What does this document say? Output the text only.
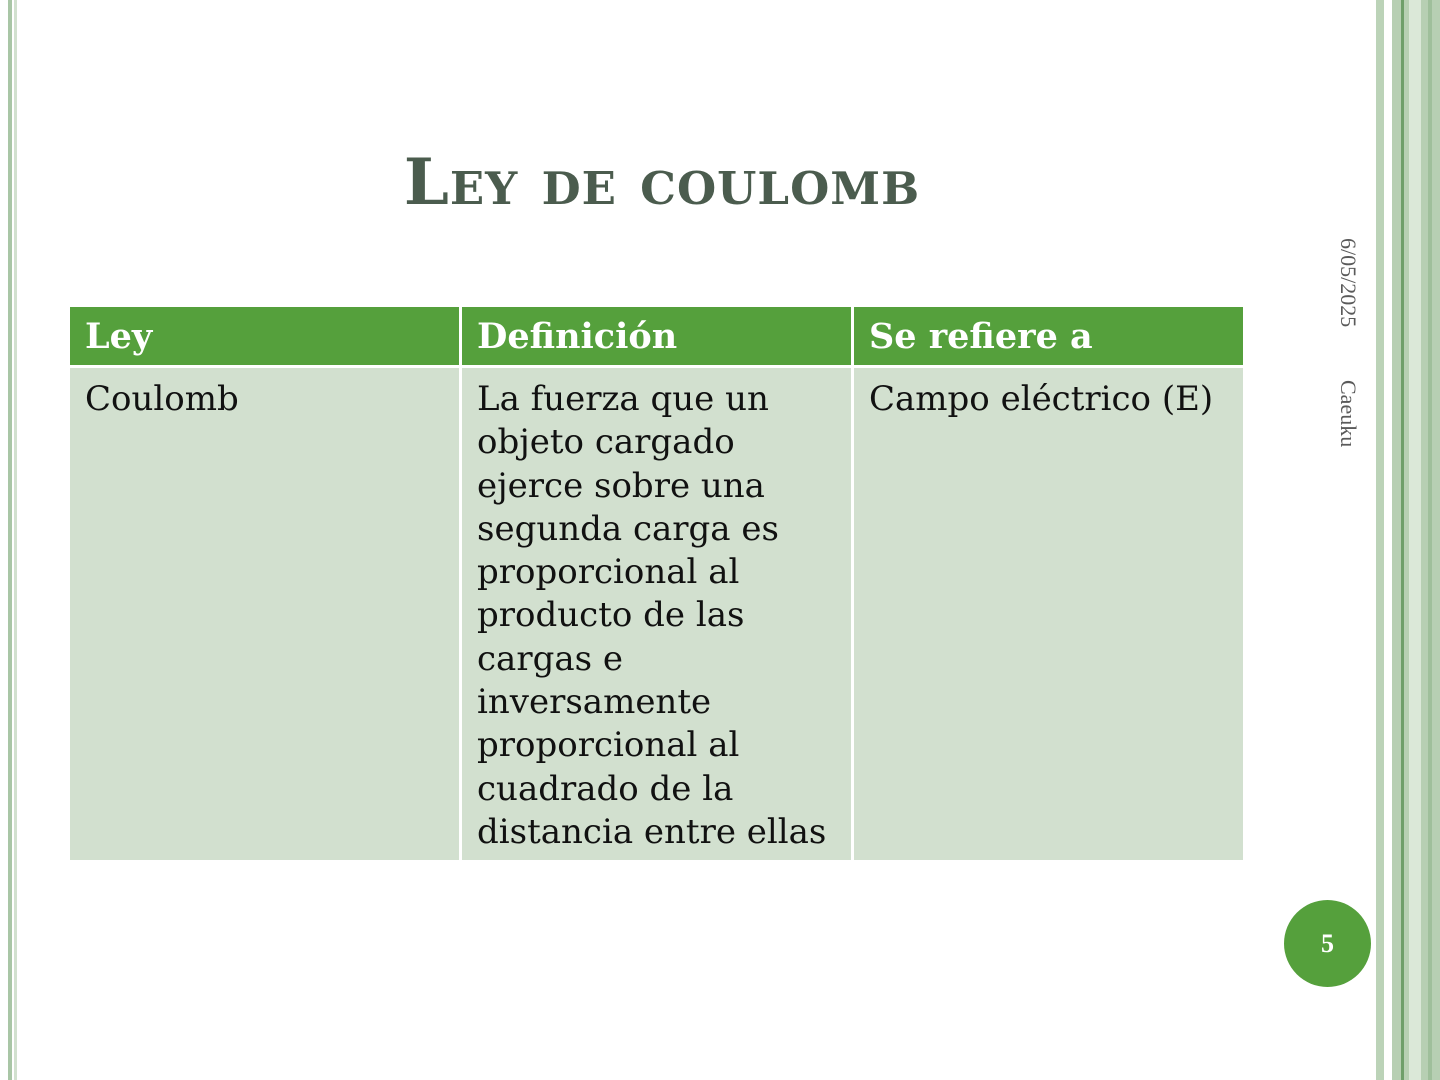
Ley de coulomb
6/05/2025
Caeuku
Ley	Definición	Se refiere a
Coulomb	La fuerza que un objeto cargado ejerce sobre una segunda carga es proporcional al producto de las cargas e inversamente proporcional al cuadrado de la distancia entre ellas	Campo eléctrico (E)
5
